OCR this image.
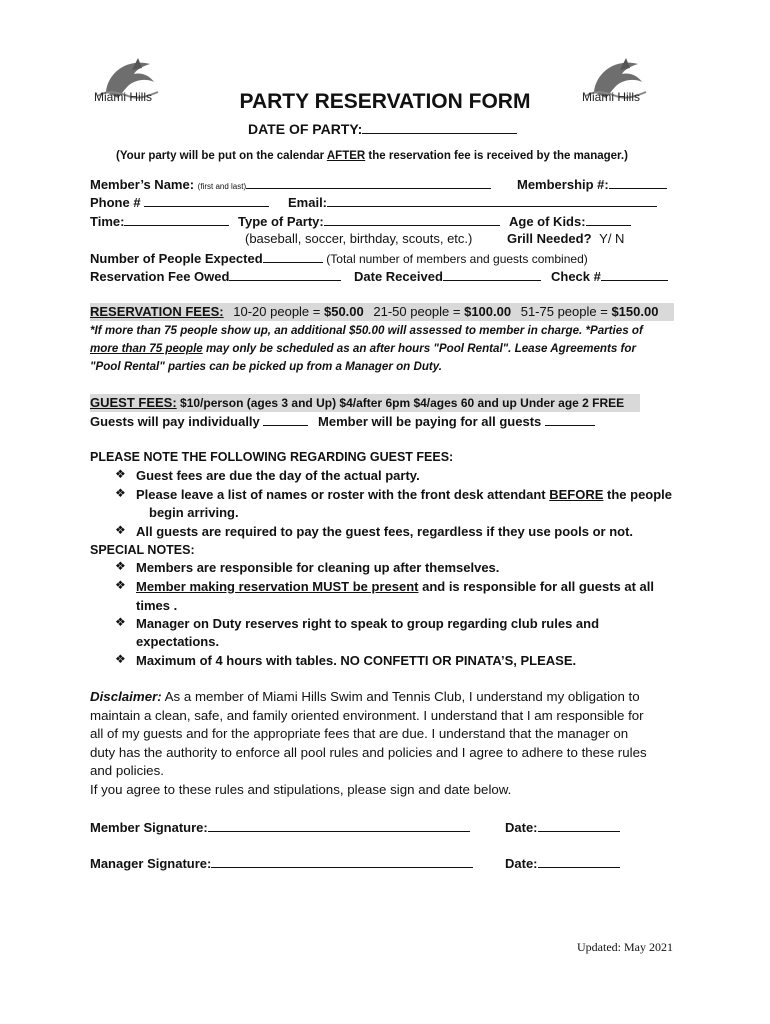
Miami Hills	Miami Hills
PARTY RESERVATION FORM
DATE OF PARTY:
(Your party will be put on the calendar AFTER the reservation fee is received by the manager.)
Member’s Name: (first and last)	Membership #:
Phone #	Email:
Time:	Type of Party:	Age of Kids:
(baseball, soccer, birthday, scouts, etc.)	Grill Needed? Y/ N
Number of People Expected	(Total number of members and guests combined)
Reservation Fee Owed	Date Received	Check #
RESERVATION FEES: 10-20 people = $50.00 21-50 people = $100.00 51-75 people = $150.00
*If more than 75 people show up, an additional $50.00 will assessed to member in charge. *Parties of
more than 75 people may only be scheduled as an after hours "Pool Rental". Lease Agreements for
"Pool Rental" parties can be picked up from a Manager on Duty.
GUEST FEES: $10/person (ages 3 and Up) $4/after 6pm $4/ages 60 and up Under age 2 FREE
Guests will pay individually	Member will be paying for all guests
PLEASE NOTE THE FOLLOWING REGARDING GUEST FEES:
❖ Guest fees are due the day of the actual party.
❖ Please leave a list of names or roster with the front desk attendant BEFORE the people
begin arriving.
❖ All guests are required to pay the guest fees, regardless if they use pools or not.
SPECIAL NOTES:
❖ Members are responsible for cleaning up after themselves.
❖ Member making reservation MUST be present and is responsible for all guests at all
times .
❖ Manager on Duty reserves right to speak to group regarding club rules and
expectations.
❖ Maximum of 4 hours with tables. NO CONFETTI OR PINATA’S, PLEASE.
Disclaimer: As a member of Miami Hills Swim and Tennis Club, I understand my obligation to
maintain a clean, safe, and family oriented environment. I understand that I am responsible for
all of my guests and for the appropriate fees that are due. I understand that the manager on
duty has the authority to enforce all pool rules and policies and I agree to adhere to these rules
and policies.
If you agree to these rules and stipulations, please sign and date below.
Member Signature:	Date:
Manager Signature:	Date:
Updated: May 2021
